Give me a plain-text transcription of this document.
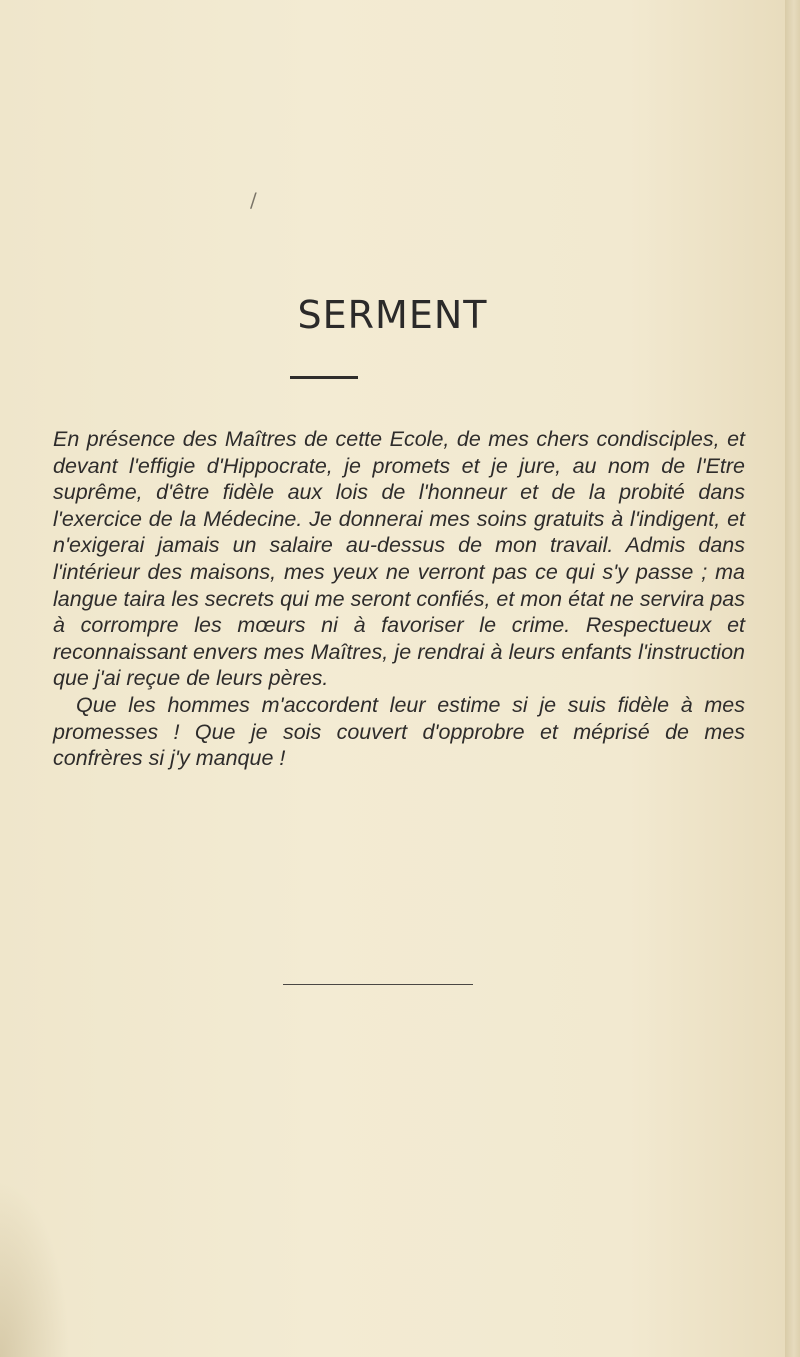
/

SERMENT

En présence des Maîtres de cette Ecole, de mes chers condisciples, et devant l'effigie d'Hippocrate, je promets et je jure, au nom de l'Etre suprême, d'être fidèle aux lois de l'honneur et de la probité dans l'exercice de la Médecine. Je donnerai mes soins gratuits à l'indigent, et n'exigerai jamais un salaire au-dessus de mon travail. Admis dans l'intérieur des maisons, mes yeux ne verront pas ce qui s'y passe ; ma langue taira les secrets qui me seront confiés, et mon état ne servira pas à corrompre les mœurs ni à favoriser le crime. Respectueux et reconnaissant envers mes Maîtres, je rendrai à leurs enfants l'instruction que j'ai reçue de leurs pères.

Que les hommes m'accordent leur estime si je suis fidèle à mes promesses ! Que je sois couvert d'opprobre et méprisé de mes confrères si j'y manque !
